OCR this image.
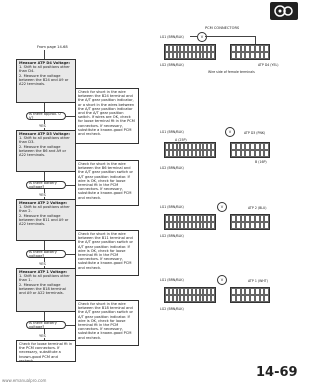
From page 14-68
Measure ATP D4 Voltage:
1. Shift to all positions other than D4.
2. Measure the voltage between the B24 and A9 or A22 terminals.
Is there approx. 0 V?
YES
Measure ATP D3 Voltage:
1. Shift to all positions other than D3.
2. Measure the voltage between the B6 and A9 or A22 terminals.
Is there battery voltage?
YES
Measure ATP 2 Voltage:
1. Shift to all positions other than 2.
2. Measure the voltage between the B11 and A9 or A22 terminals.
Is there battery voltage?
YES
Measure ATP 1 Voltage:
1. Shift to all positions other than 1.
2. Measure the voltage between the B18 terminal and A9 or A22 terminals.
Is there battery voltage?
YES
Check for loose terminal fit in the PCM connectors. If necessary, substitute a known-good PCM and recheck.
Check for short in the wire between the B24 terminal and the A/T gear position indicator, or a short in the wires between the A/T gear position indicator and the A/T gear position switch. If wires are OK, check for loose terminal fit in the PCM connectors. If necessary, substitute a known-good PCM and recheck.
Check for short in the wire between the B6 terminal and the A/T gear position switch or A/T gear position indicator. If wire is OK, check for loose terminal fit in the PCM connectors. If necessary, substitute a known-good PCM and recheck.
Check for short in the wire between the B11 terminal and the A/T gear position switch or A/T gear position indicator. If wire is OK, check for loose terminal fit in the PCM connectors. If necessary, substitute a known-good PCM and recheck.
Check for short in the wire between the B18 terminal and the A/T gear position switch or A/T gear position indicator. If wire is OK, check for loose terminal fit in the PCM connectors. If necessary, substitute a known-good PCM and recheck.
PCM CONNECTORS
LG1 (BRN/BLK)	V
LG2 (BRN/BLK)	ATP D4 (YEL)
Wire side of female terminals
LG1 (BRN/BLK)	V	ATP D3 (PNK)
A (25P)
B (16P)
LG2 (BRN/BLK)
LG1 (BRN/BLK)	V	ATP 2 (BLU)
LG2 (BRN/BLK)
LG1 (BRN/BLK)	V	ATP 1 (WHT)
LG2 (BRN/BLK)
www.emanualpro.com
14-69
